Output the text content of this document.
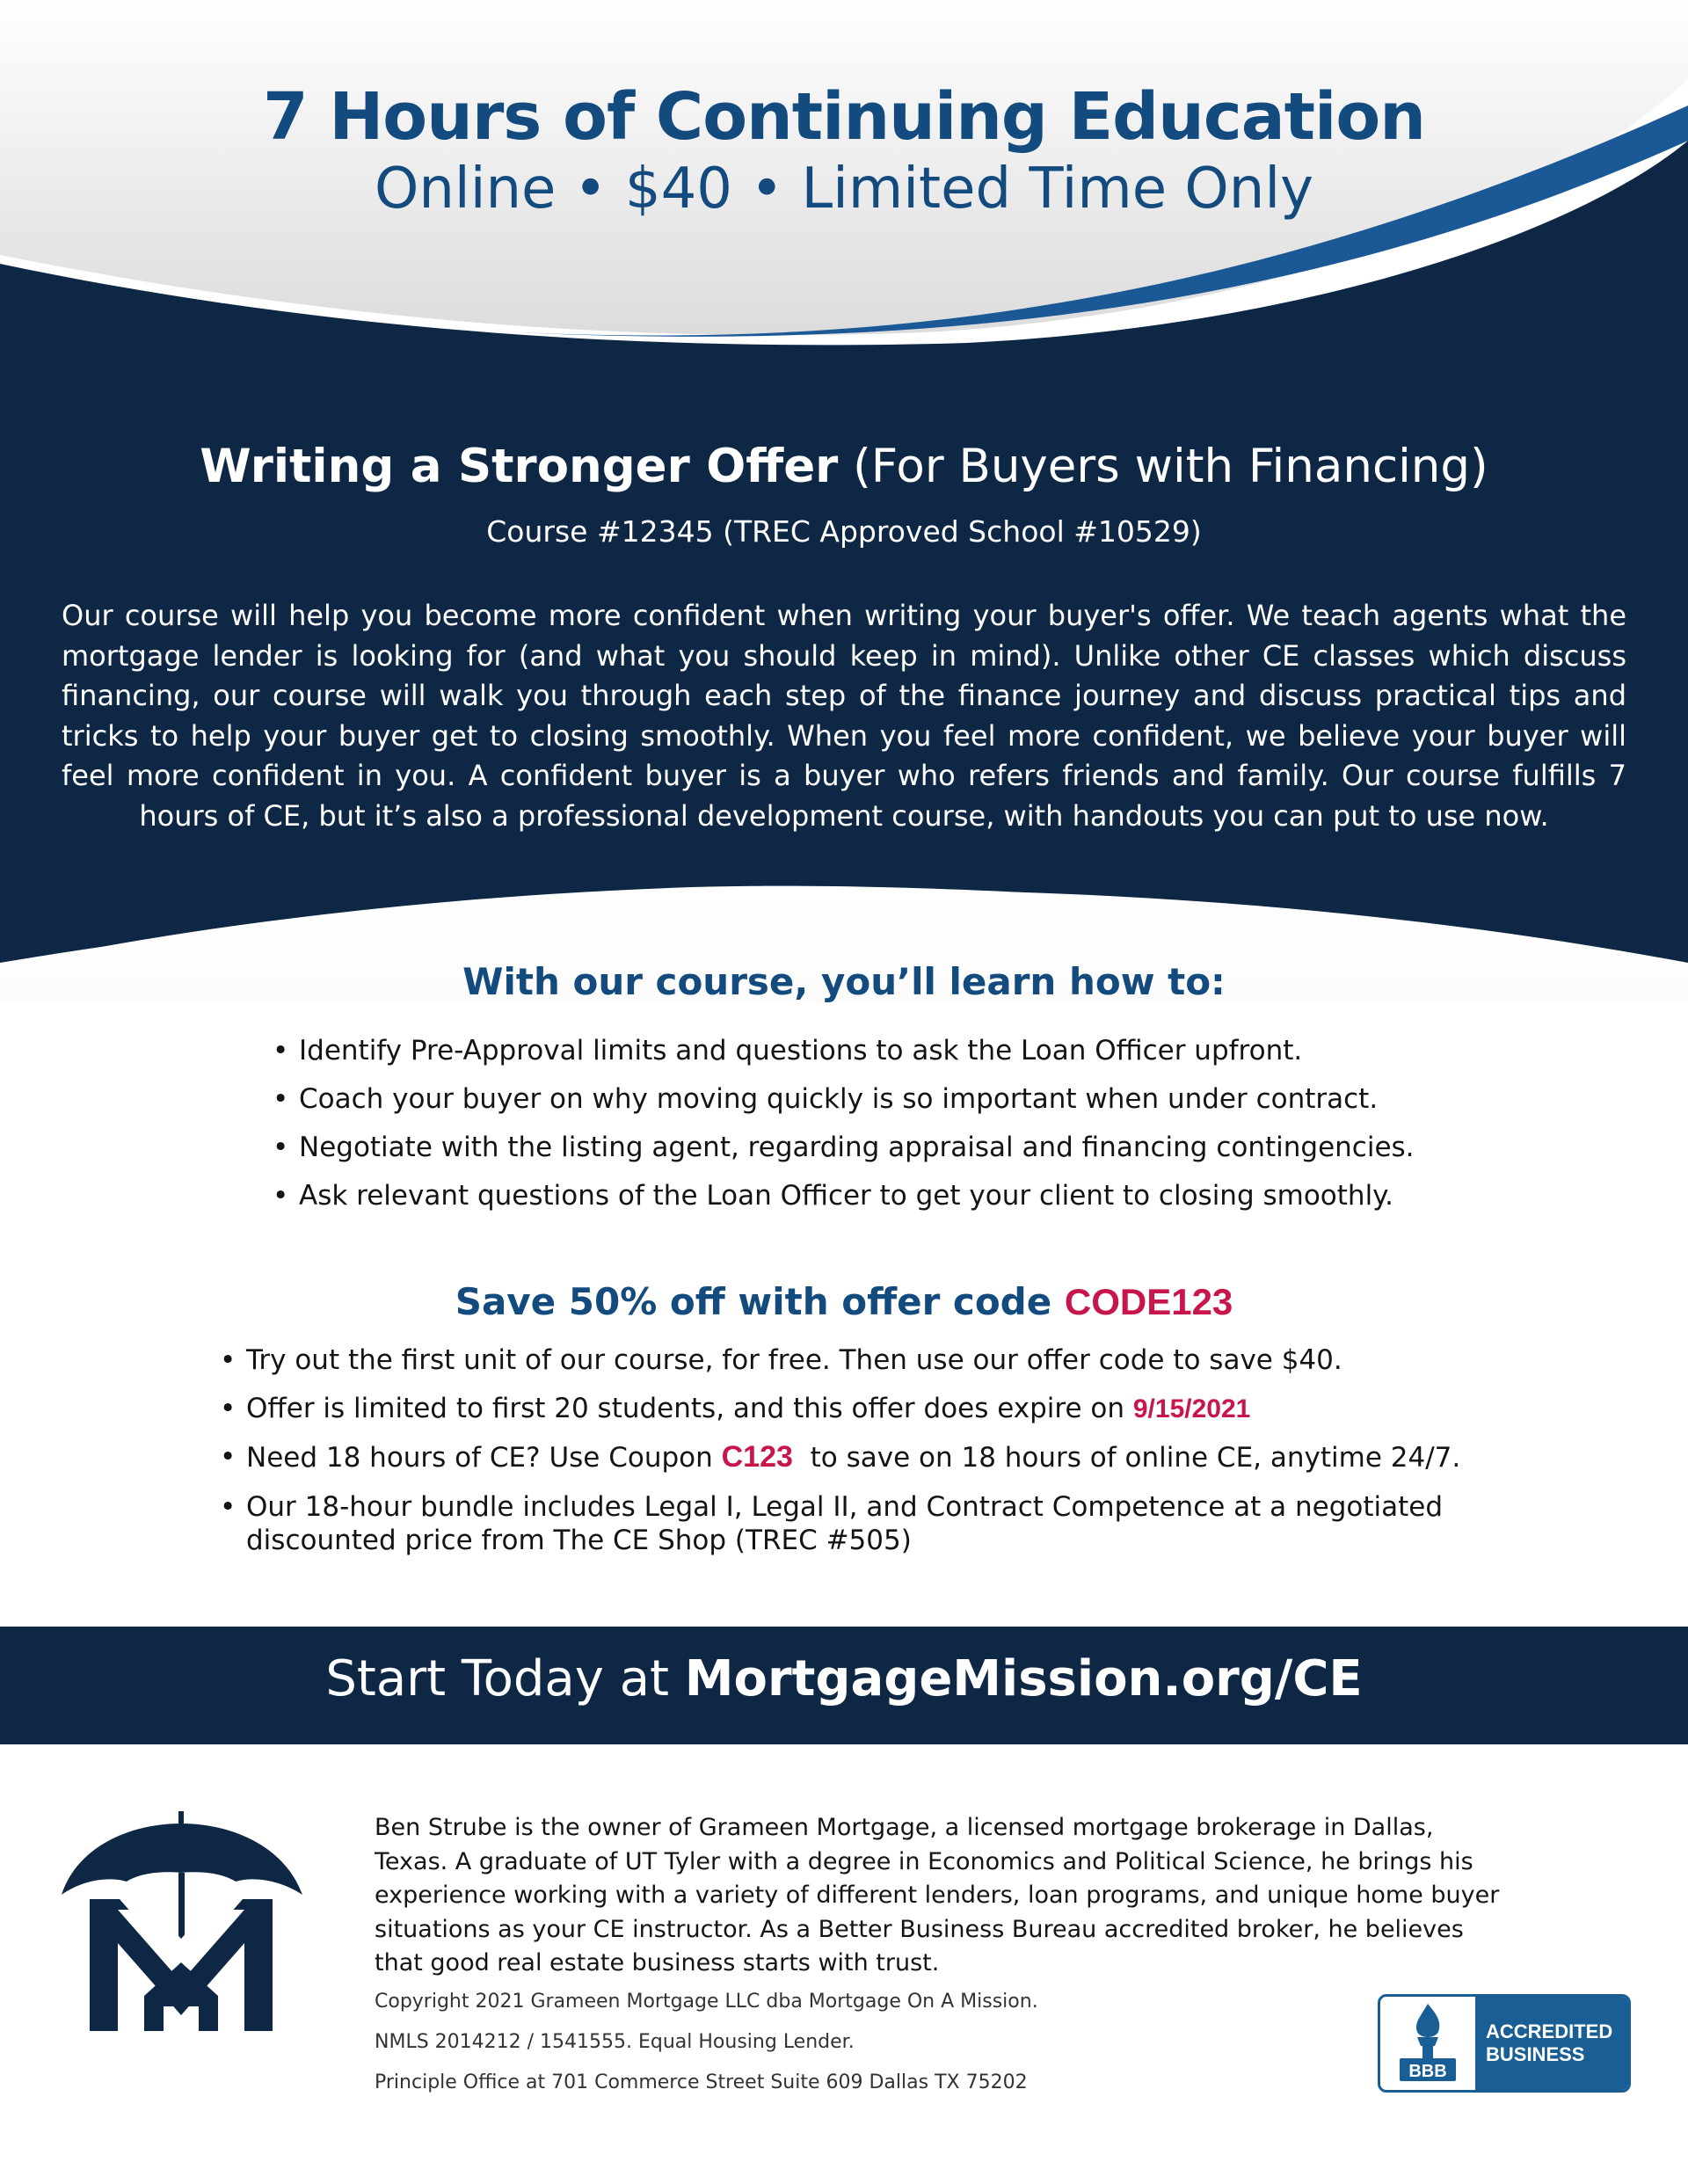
7 Hours of Continuing Education
Online • $40 • Limited Time Only
Writing a Stronger Offer (For Buyers with Financing)
Course #12345 (TREC Approved School #10529)

Our course will help you become more confident when writing your buyer's offer. We teach agents what the mortgage lender is looking for (and what you should keep in mind). Unlike other CE classes which discuss financing, our course will walk you through each step of the finance journey and discuss practical tips and tricks to help your buyer get to closing smoothly. When you feel more confident, we believe your buyer will feel more confident in you. A confident buyer is a buyer who refers friends and family. Our course fulfills 7 hours of CE, but it’s also a professional development course, with handouts you can put to use now.

With our course, you’ll learn how to:
• Identify Pre-Approval limits and questions to ask the Loan Officer upfront.
• Coach your buyer on why moving quickly is so important when under contract.
• Negotiate with the listing agent, regarding appraisal and financing contingencies.
• Ask relevant questions of the Loan Officer to get your client to closing smoothly.
Save 50% off with offer code CODE123
• Try out the first unit of our course, for free. Then use our offer code to save $40.
• Offer is limited to first 20 students, and this offer does expire on 9/15/2021
• Need 18 hours of CE? Use Coupon C123  to save on 18 hours of online CE, anytime 24/7.
• Our 18-hour bundle includes Legal I, Legal II, and Contract Competence at a negotiated
discounted price from The CE Shop (TREC #505)
Start Today at MortgageMission.org/CE

Ben Strube is the owner of Grameen Mortgage, a licensed mortgage brokerage in Dallas, Texas. A graduate of UT Tyler with a degree in Economics and Political Science, he brings his experience working with a variety of different lenders, loan programs, and unique home buyer situations as your CE instructor. As a Better Business Bureau accredited broker, he believes that good real estate business starts with trust.

Copyright 2021 Grameen Mortgage LLC dba Mortgage On A Mission.
NMLS 2014212 / 1541555. Equal Housing Lender.
Principle Office at 701 Commerce Street Suite 609 Dallas TX 75202	BBB
ACCREDITED
BUSINESS
